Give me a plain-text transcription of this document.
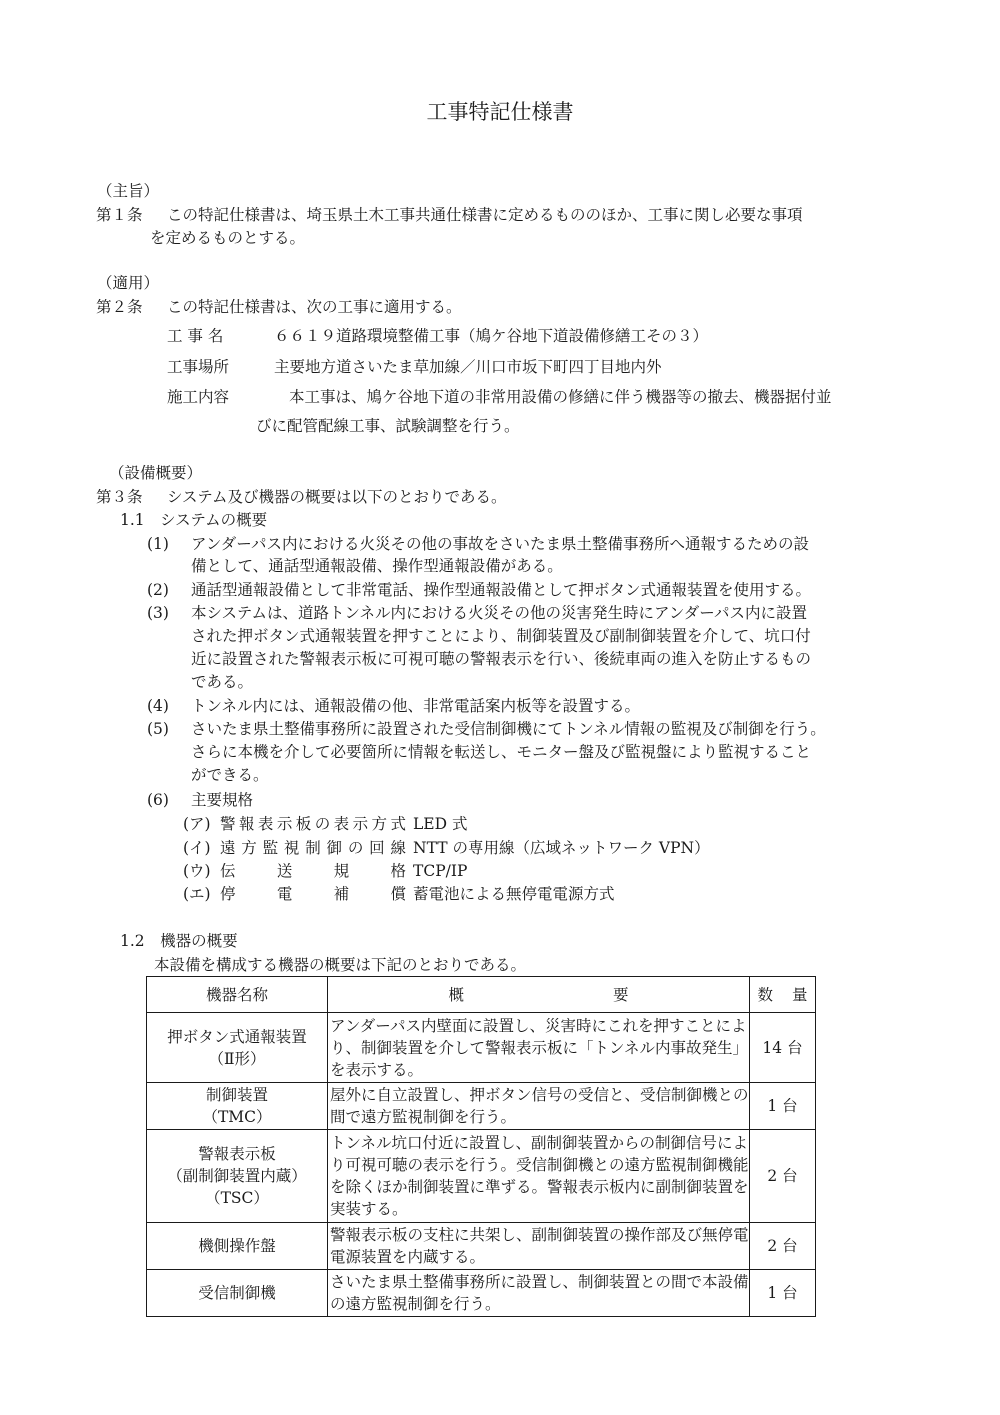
工事特記仕様書
（主旨）
第１条 この特記仕様書は、埼玉県土木工事共通仕様書に定めるもののほか、工事に関し必要な事項
を定めるものとする。
（適用）
第２条 この特記仕様書は、次の工事に適用する。
工 事 名	６６１９道路環境整備工事（鳩ケ谷地下道設備修繕工その３）
工事場所	主要地方道さいたま草加線／川口市坂下町四丁目地内外
施工内容	本工事は、鳩ケ谷地下道の非常用設備の修繕に伴う機器等の撤去、機器据付並
びに配管配線工事、試験調整を行う。
（設備概要）
第３条 システム及び機器の概要は以下のとおりである。
1.1　システムの概要
(1) アンダーパス内における火災その他の事故をさいたま県土整備事務所へ通報するための設
備として、通話型通報設備、操作型通報設備がある。
(2) 通話型通報設備として非常電話、操作型通報設備として押ボタン式通報装置を使用する。
(3) 本システムは、道路トンネル内における火災その他の災害発生時にアンダーパス内に設置
された押ボタン式通報装置を押すことにより、制御装置及び副制御装置を介して、坑口付
近に設置された警報表示板に可視可聴の警報表示を行い、後続車両の進入を防止するもの
である。
(4) トンネル内には、通報設備の他、非常電話案内板等を設置する。
(5) さいたま県土整備事務所に設置された受信制御機にてトンネル情報の監視及び制御を行う。
さらに本機を介して必要箇所に情報を転送し、モニター盤及び監視盤により監視すること
ができる。
(6) 主要規格
(ア) 警報表示板の表示方式 LED 式
(イ) 遠方監視制御の回線 NTT の専用線（広域ネットワーク VPN）
(ウ) 伝送規格 TCP/IP
(エ) 停電補償 蓄電池による無停電電源方式
1.2　機器の概要
本設備を構成する機器の概要は下記のとおりである。
機器名称	概要	数量

押ボタン式通報装置
（Ⅱ形）	アンダーパス内壁面に設置し、災害時にこれを押すことにより、制御装置を介して警報表示板に「トンネル内事故発生」を表示する。	14 台

制御装置
（TMC）	屋外に自立設置し、押ボタン信号の受信と、受信制御機との間で遠方監視制御を行う。	1 台

警報表示板
（副制御装置内蔵）
（TSC）	トンネル坑口付近に設置し、副制御装置からの制御信号により可視可聴の表示を行う。受信制御機との遠方監視制御機能を除くほか制御装置に準ずる。警報表示板内に副制御装置を実装する。	2 台

機側操作盤	警報表示板の支柱に共架し、副制御装置の操作部及び無停電電源装置を内蔵する。	2 台

受信制御機	さいたま県土整備事務所に設置し、制御装置との間で本設備の遠方監視制御を行う。	1 台
